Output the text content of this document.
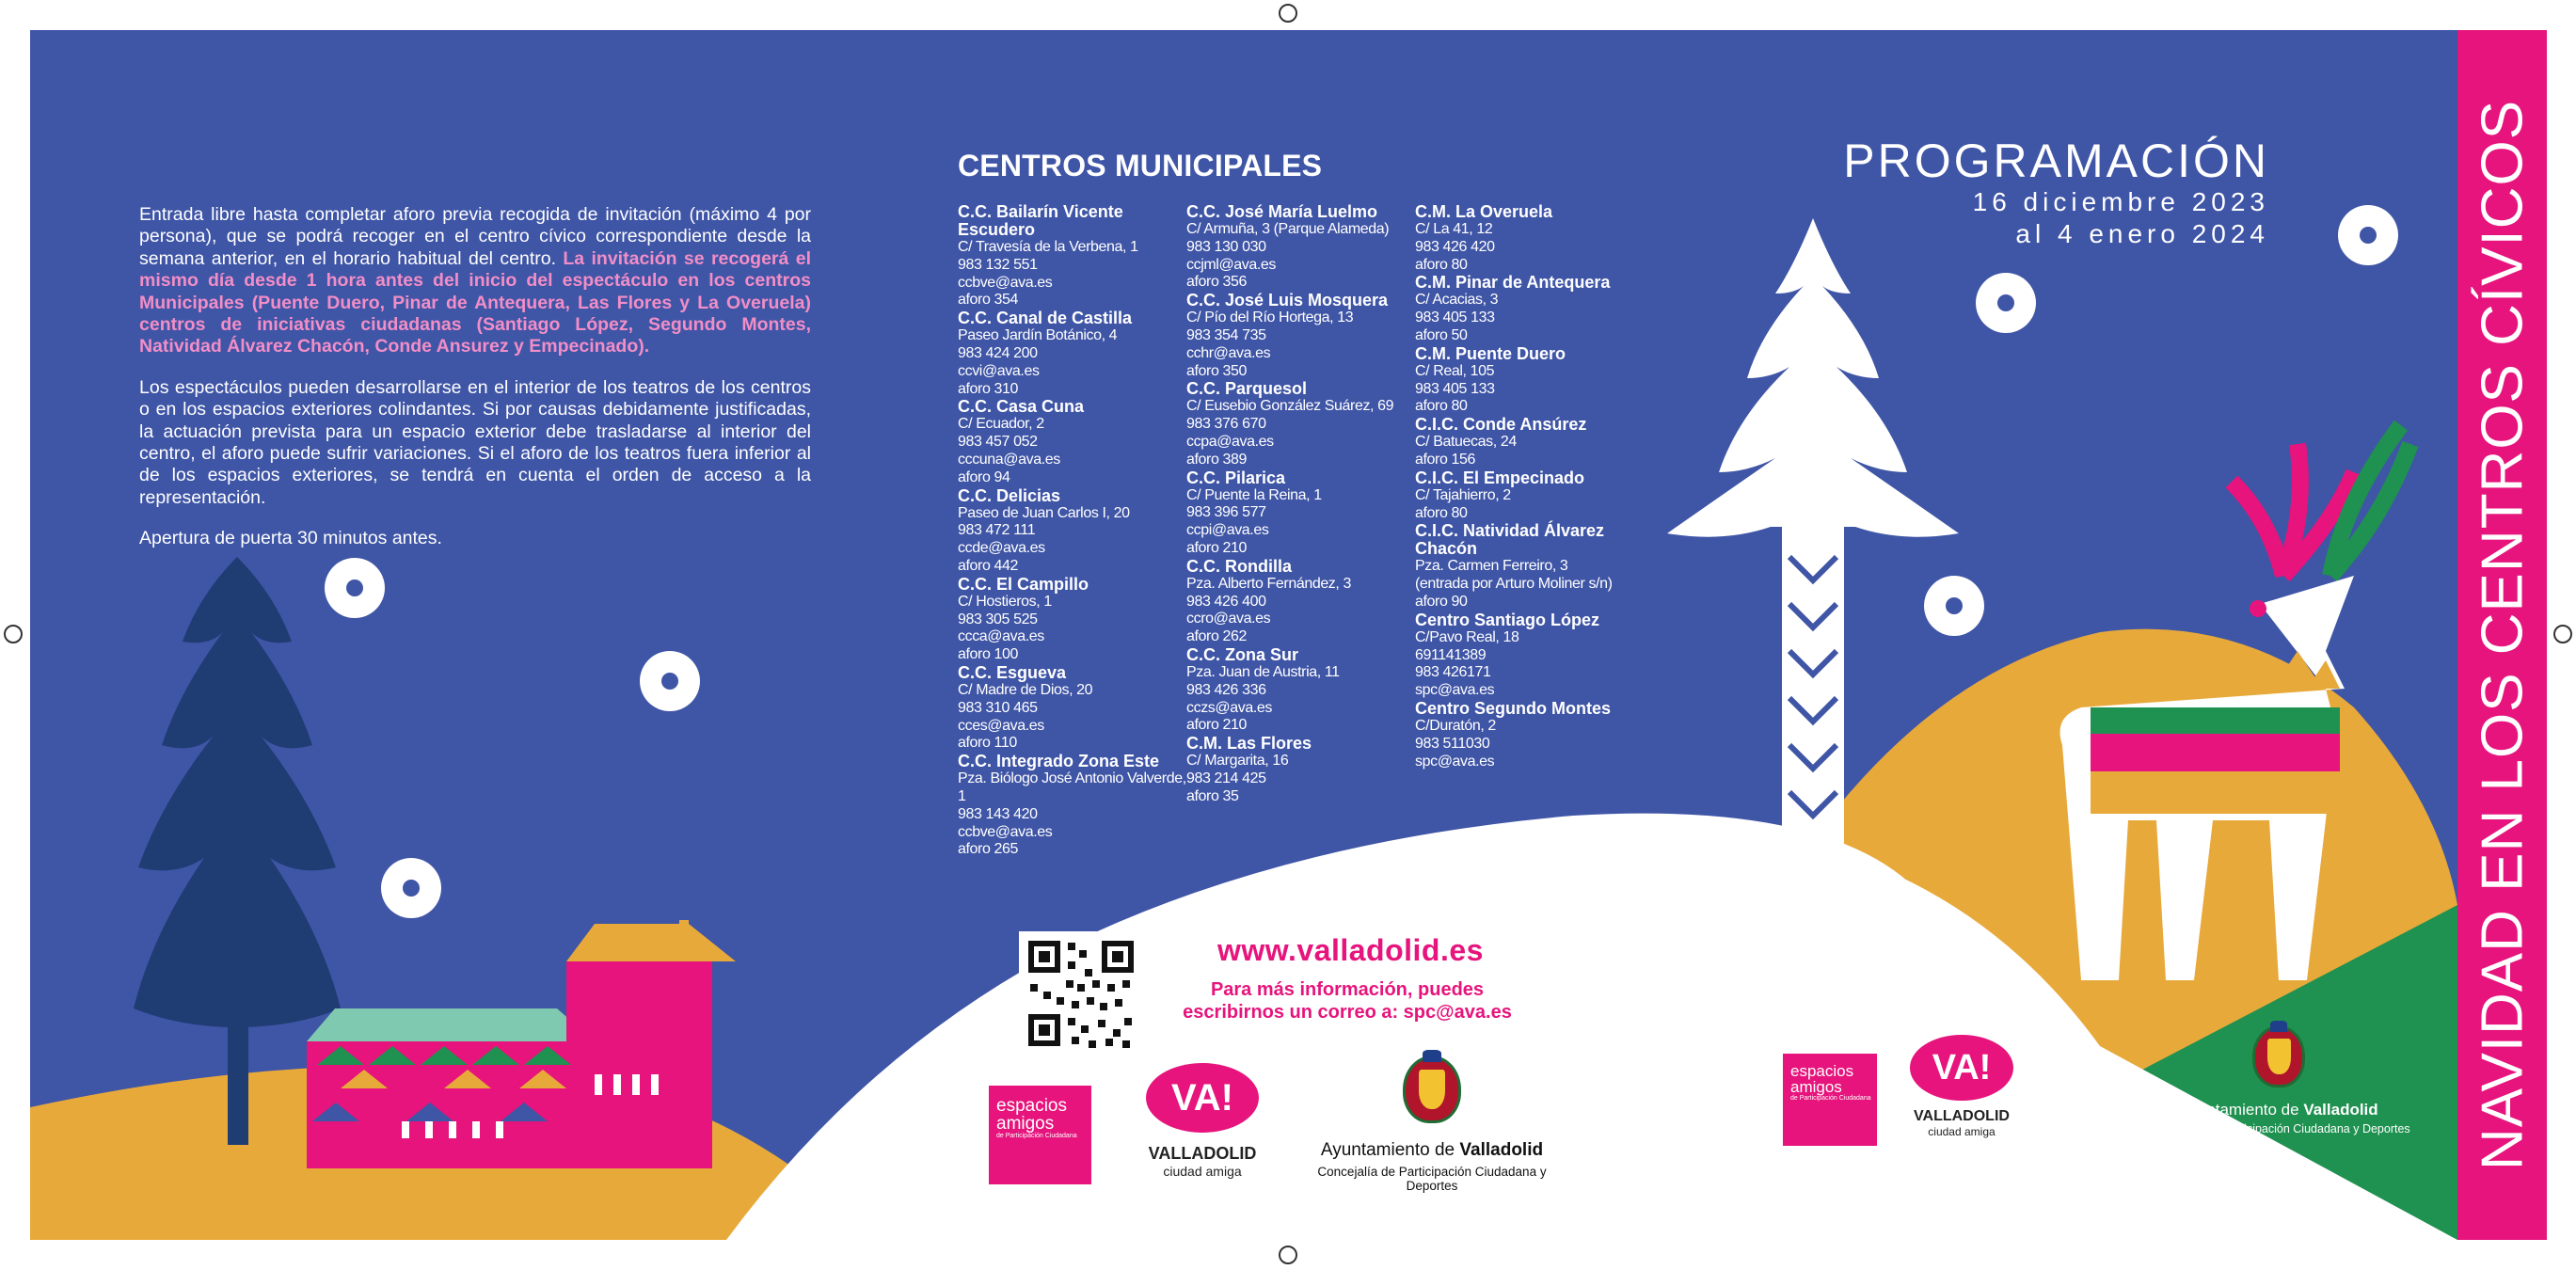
Entrada libre hasta completar aforo previa recogida de invitación (máximo 4 por persona), que se podrá recoger en el centro cívico correspondiente desde la semana anterior, en el horario habitual del centro. La invitación se recogerá el mismo día desde 1 hora antes del inicio del espectáculo en los centros Municipales (Puente Duero, Pinar de Antequera, Las Flores y La Overuela) centros de iniciativas ciudadanas (Santiago López, Segundo Montes, Natividad Álvarez Chacón, Conde Ansurez y Empecinado).

Los espectáculos pueden desarrollarse en el interior de los teatros de los centros o en los espacios exteriores colindantes. Si por causas debidamente justificadas, la actuación prevista para un espacio exterior debe trasladarse al interior del centro, el aforo puede sufrir variaciones. Si el aforo de los teatros fuera inferior al de los espacios exteriores, se tendrá en cuenta el orden de acceso a la representación.

Apertura de puerta 30 minutos antes.

CENTROS MUNICIPALES
C.C. Bailarín Vicente Escudero
C/ Travesía de la Verbena, 1
983 132 551
ccbve@ava.es
aforo 354
C.C. Canal de Castilla
Paseo Jardín Botánico, 4
983 424 200
ccvi@ava.es
aforo 310
C.C. Casa Cuna
C/ Ecuador, 2
983 457 052
cccuna@ava.es
aforo 94
C.C. Delicias
Paseo de Juan Carlos I, 20
983 472 111
ccde@ava.es
aforo 442
C.C. El Campillo
C/ Hostieros, 1
983 305 525
ccca@ava.es
aforo 100
C.C. Esgueva
C/ Madre de Dios, 20
983 310 465
cces@ava.es
aforo 110
C.C. Integrado Zona Este
Pza. Biólogo José Antonio Valverde, 1
983 143 420
ccbve@ava.es
aforo 265
C.C. José María Luelmo
C/ Armuña, 3 (Parque Alameda)
983 130 030
ccjml@ava.es
aforo 356
C.C. José Luis Mosquera
C/ Pío del Río Hortega, 13
983 354 735
cchr@ava.es
aforo 350
C.C. Parquesol
C/ Eusebio González Suárez, 69
983 376 670
ccpa@ava.es
aforo 389
C.C. Pilarica
C/ Puente la Reina, 1
983 396 577
ccpi@ava.es
aforo 210
C.C. Rondilla
Pza. Alberto Fernández, 3
983 426 400
ccro@ava.es
aforo 262
C.C. Zona Sur
Pza. Juan de Austria, 11
983 426 336
cczs@ava.es
aforo 210
C.M. Las Flores
C/ Margarita, 16
983 214 425
aforo 35
C.M. La Overuela
C/ La 41, 12
983 426 420
aforo 80
C.M. Pinar de Antequera
C/ Acacias, 3
983 405 133
aforo 50
C.M. Puente Duero
C/ Real, 105
983 405 133
aforo 80
C.I.C. Conde Ansúrez
C/ Batuecas, 24
aforo 156
C.I.C. El Empecinado
C/ Tajahierro, 2
aforo 80
C.I.C. Natividad Álvarez Chacón
Pza. Carmen Ferreiro, 3
(entrada por Arturo Moliner s/n)
aforo 90
Centro Santiago López
C/Pavo Real, 18
691141389
983 426171
spc@ava.es
Centro Segundo Montes
C/Duratón, 2
983 511030
spc@ava.es
PROGRAMACIÓN
16 diciembre 2023
al 4 enero 2024	NAVIDAD EN LOS CENTROS CÍVICOS
www.valladolid.es
Para más información, puedes escribirnos un correo a: spc@ava.es
espacios
amigos
de Participación Ciudadana
VA!
VALLADOLID
ciudad amiga
Ayuntamiento de Valladolid
Concejalía de Participación Ciudadana y Deportes
espacios
amigos
de Participación Ciudadana
VA!
VALLADOLID
ciudad amiga
Ayuntamiento de Valladolid
Concejalía de Participación Ciudadana y Deportes
